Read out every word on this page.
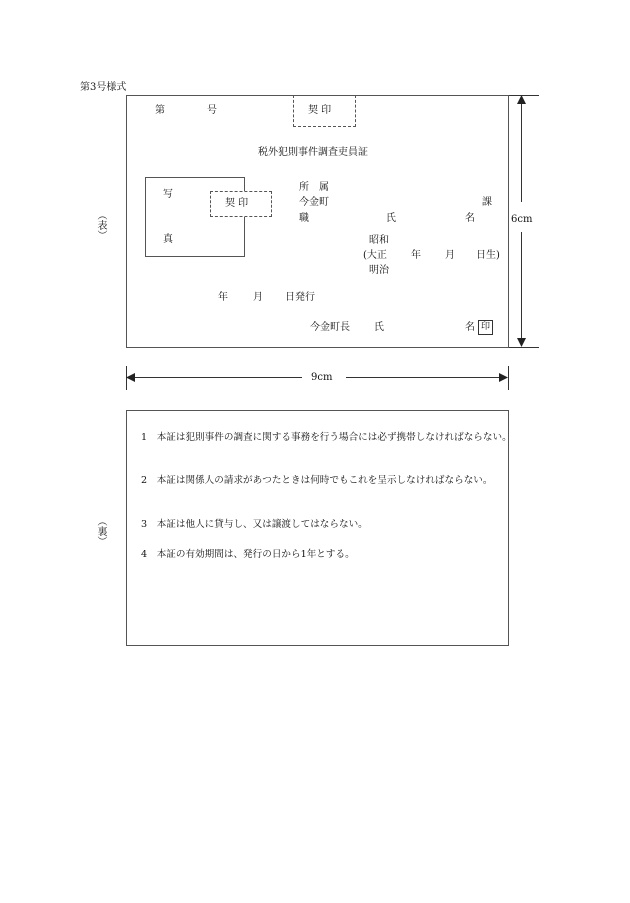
第3号様式
（表）
（裏）
第	号	契 印
税外犯則事件調査吏員証
写
真
契 印
所　属
今金町	課
職	氏	名
昭和
(大正 年 月 日生)
明治
年	月 日発行
今金町長 氏	名 印
6cm
9cm
1　本証は犯則事件の調査に関する事務を行う場合には必ず携帯しなければならない。
2　本証は関係人の請求があつたときは何時でもこれを呈示しなければならない。
3　本証は他人に貸与し、又は譲渡してはならない。
4　本証の有効期間は、発行の日から1年とする。
